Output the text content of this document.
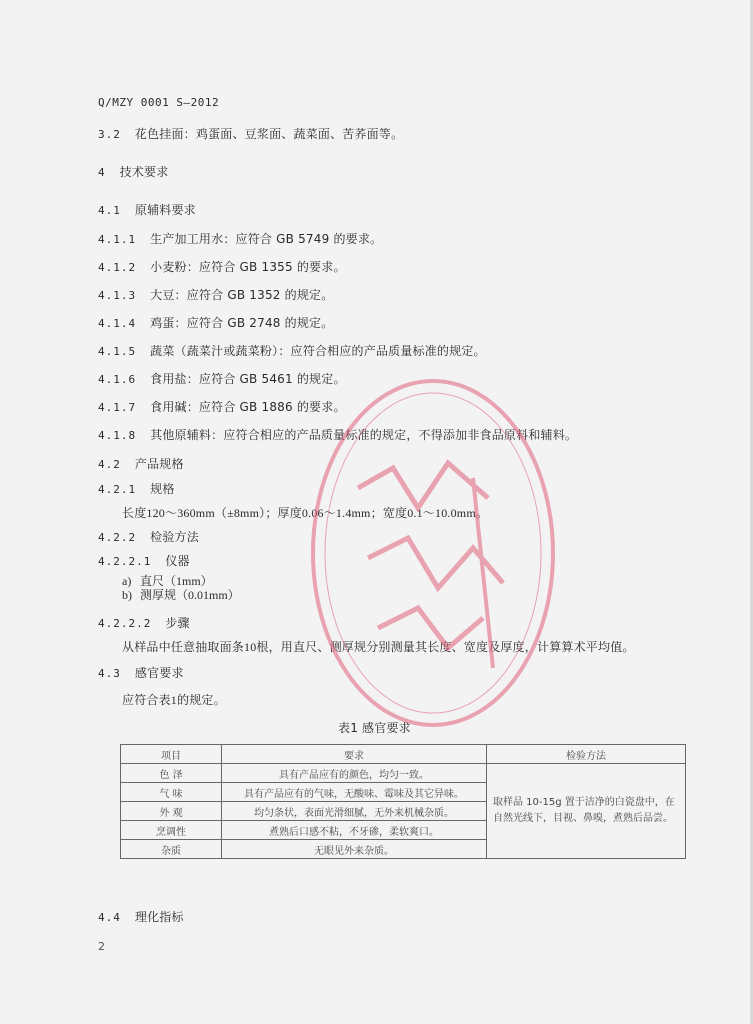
Q/MZY 0001 S—2012
3.2 花色挂面：鸡蛋面、豆浆面、蔬菜面、苦荞面等。
4 技术要求
4.1 原辅料要求
4.1.1 生产加工用水：应符合 GB 5749 的要求。
4.1.2 小麦粉：应符合 GB 1355 的要求。
4.1.3 大豆：应符合 GB 1352 的规定。
4.1.4 鸡蛋：应符合 GB 2748 的规定。
4.1.5 蔬菜（蔬菜汁或蔬菜粉）：应符合相应的产品质量标准的规定。
4.1.6 食用盐：应符合 GB 5461 的规定。
4.1.7 食用碱：应符合 GB 1886 的要求。
4.1.8 其他原辅料：应符合相应的产品质量标准的规定，不得添加非食品原料和辅料。
4.2 产品规格
4.2.1 规格
长度120～360mm（±8mm）；厚度0.06～1.4mm；宽度0.1～10.0mm。
4.2.2 检验方法
4.2.2.1 仪器
a) 直尺（1mm）
b) 测厚规（0.01mm）
4.2.2.2 步骤
从样品中任意抽取面条10根，用直尺、测厚规分别测量其长度、宽度及厚度，计算算术平均值。
4.3 感官要求
应符合表1的规定。
表1 感官要求
项目	要求	检验方法
色 泽	具有产品应有的颜色，均匀一致。	取样品 10-15g 置于洁净的白瓷盘中，在自然光线下，目视、鼻嗅，煮熟后品尝。
气 味	具有产品应有的气味，无酸味、霉味及其它异味。	
外 观	均匀条状，表面光滑细腻，无外来机械杂质。	
烹调性	煮熟后口感不粘，不牙碜，柔软爽口。	
杂质	无眼见外来杂质。	
4.4 理化指标
2
